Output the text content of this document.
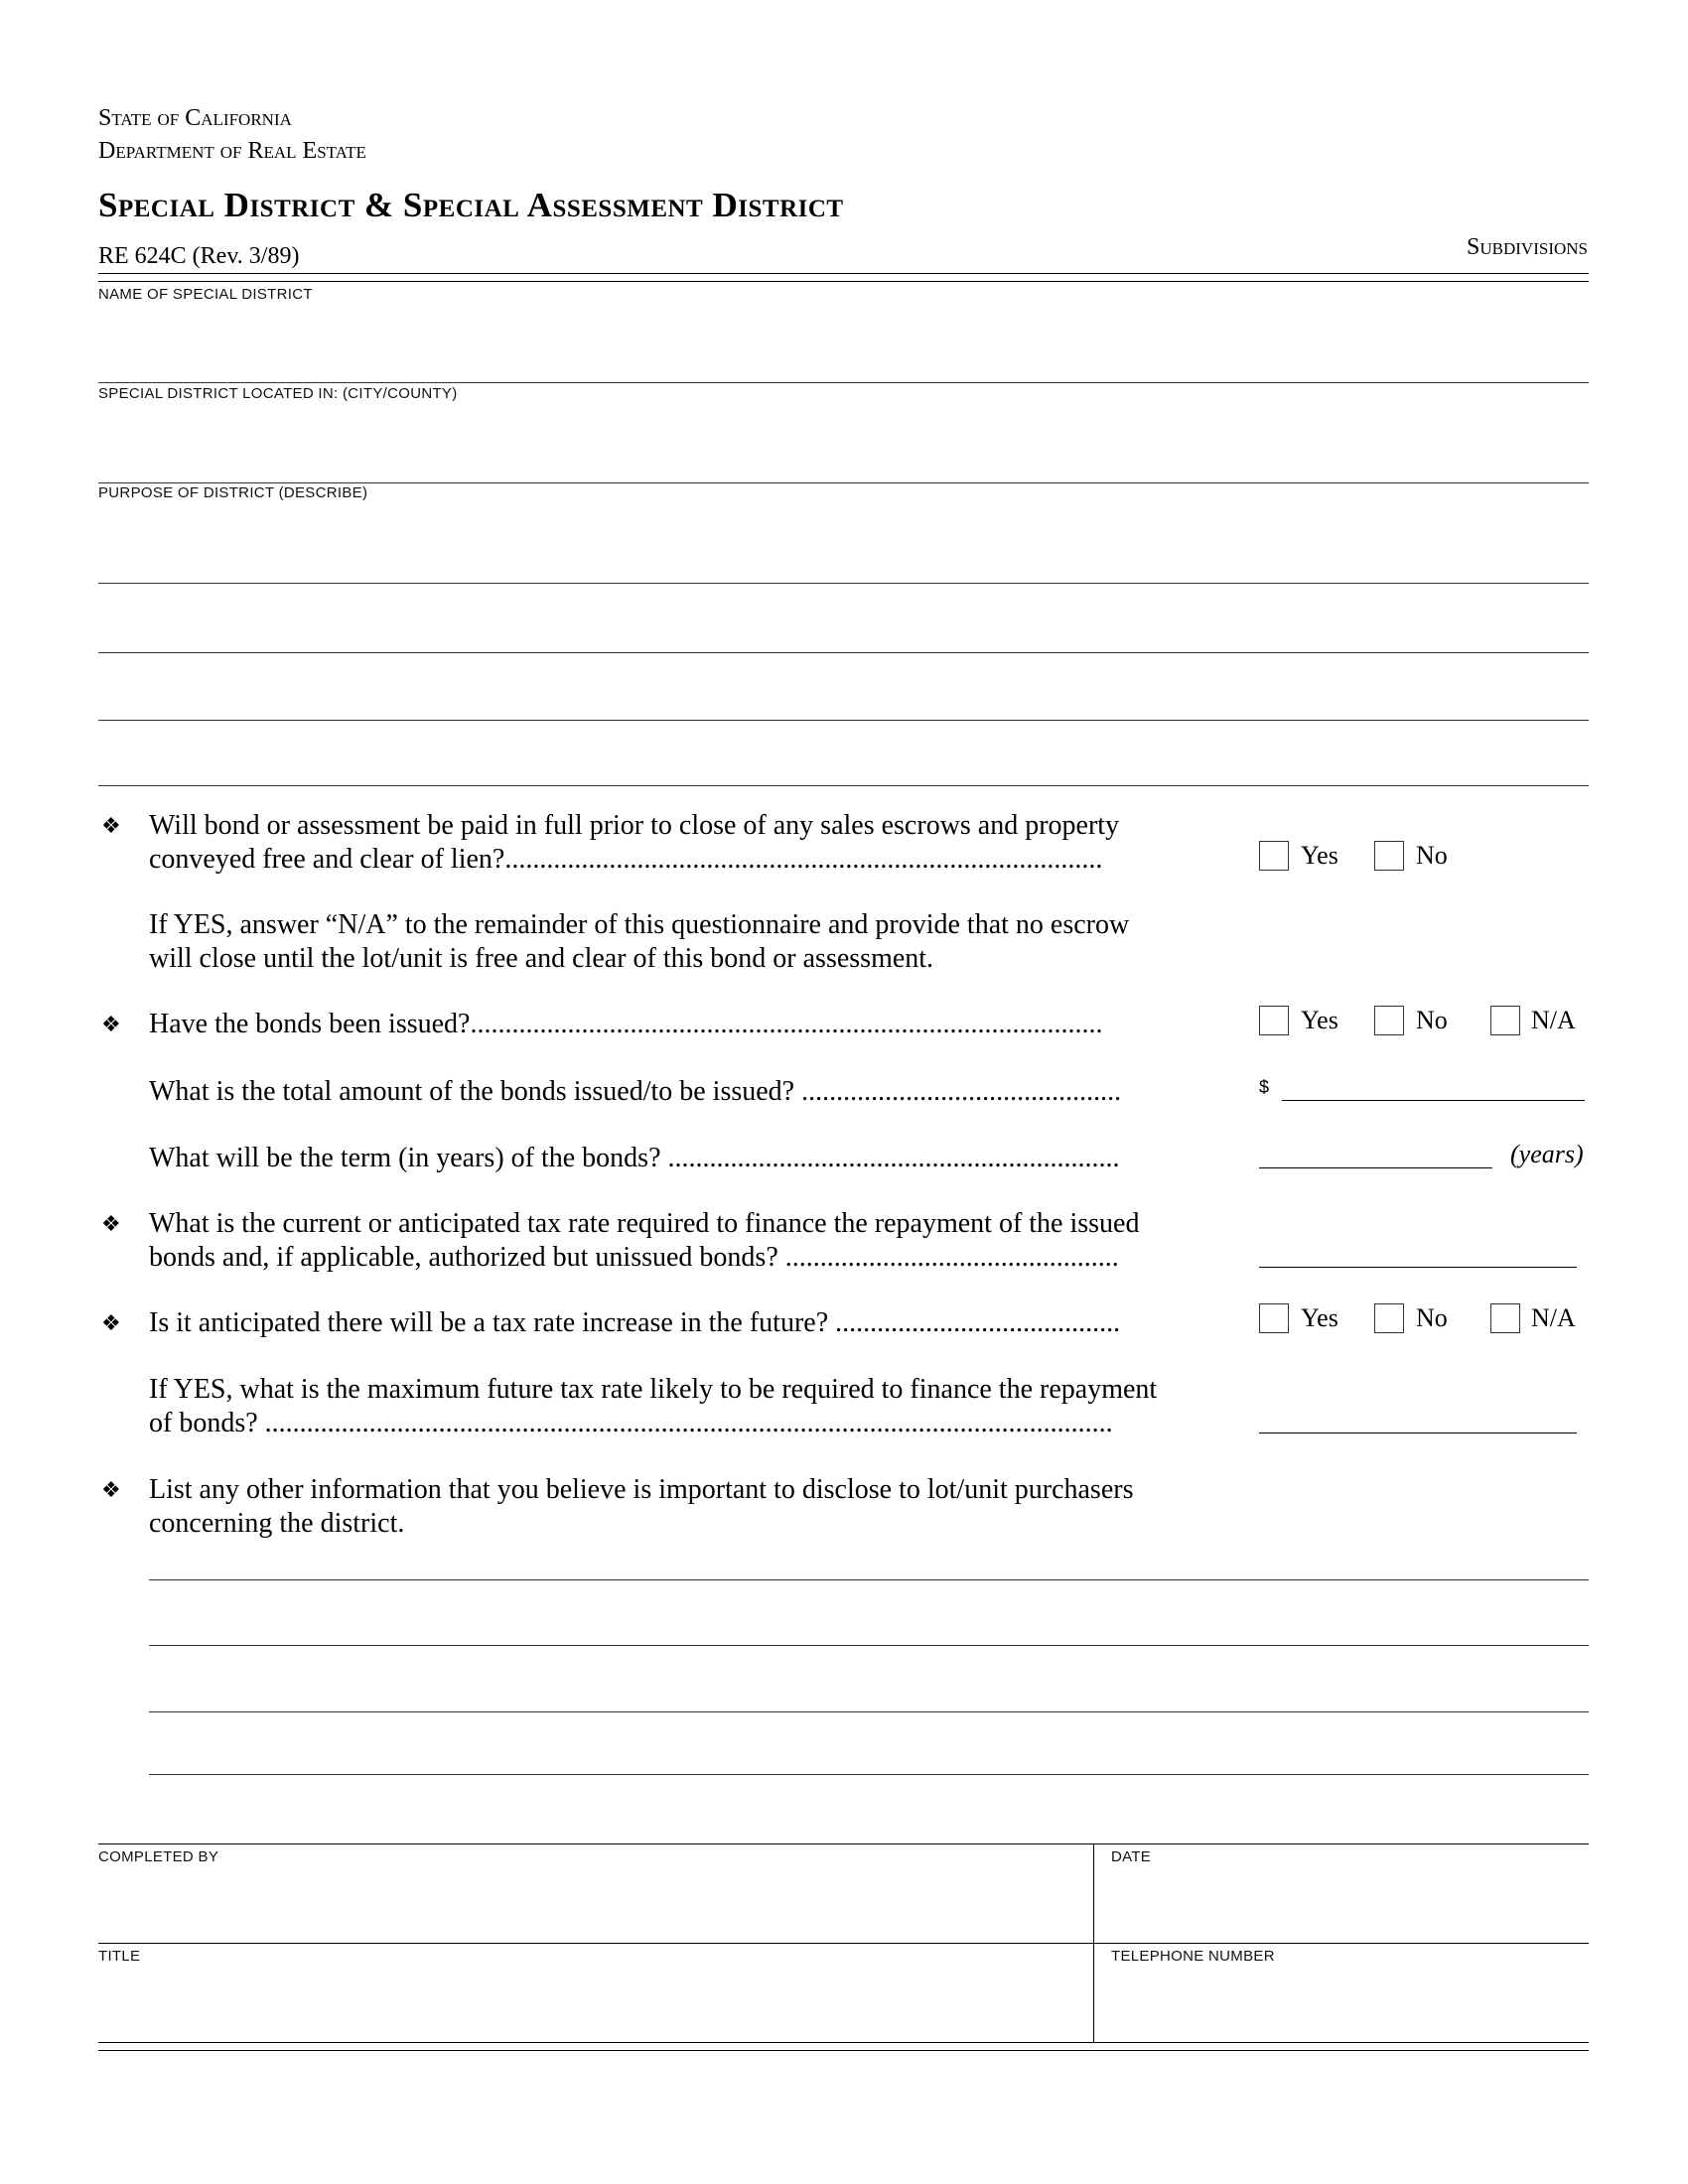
State of California
Department of Real Estate
Special District & Special Assessment District
RE 624C (Rev. 3/89)	Subdivisions
NAME OF SPECIAL DISTRICT
SPECIAL DISTRICT LOCATED IN: (CITY/COUNTY)
PURPOSE OF DISTRICT (DESCRIBE)
❖ Will bond or assessment be paid in full prior to close of any sales escrows and property
conveyed free and clear of lien?......................................................................................	Yes	No
If YES, answer “N/A” to the remainder of this questionnaire and provide that no escrow
will close until the lot/unit is free and clear of this bond or assessment.
❖ Have the bonds been issued?...........................................................................................	Yes	No	N/A
What is the total amount of the bonds issued/to be issued? ..............................................	$
What will be the term (in years) of the bonds? .................................................................	(years)
❖ What is the current or anticipated tax rate required to finance the repayment of the issued
bonds and, if applicable, authorized but unissued bonds? ................................................
❖ Is it anticipated there will be a tax rate increase in the future? .........................................	Yes	No	N/A
If YES, what is the maximum future tax rate likely to be required to finance the repayment
of bonds? ..........................................................................................................................
❖ List any other information that you believe is important to disclose to lot/unit purchasers
concerning the district.
COMPLETED BY	DATE
TITLE	TELEPHONE NUMBER
